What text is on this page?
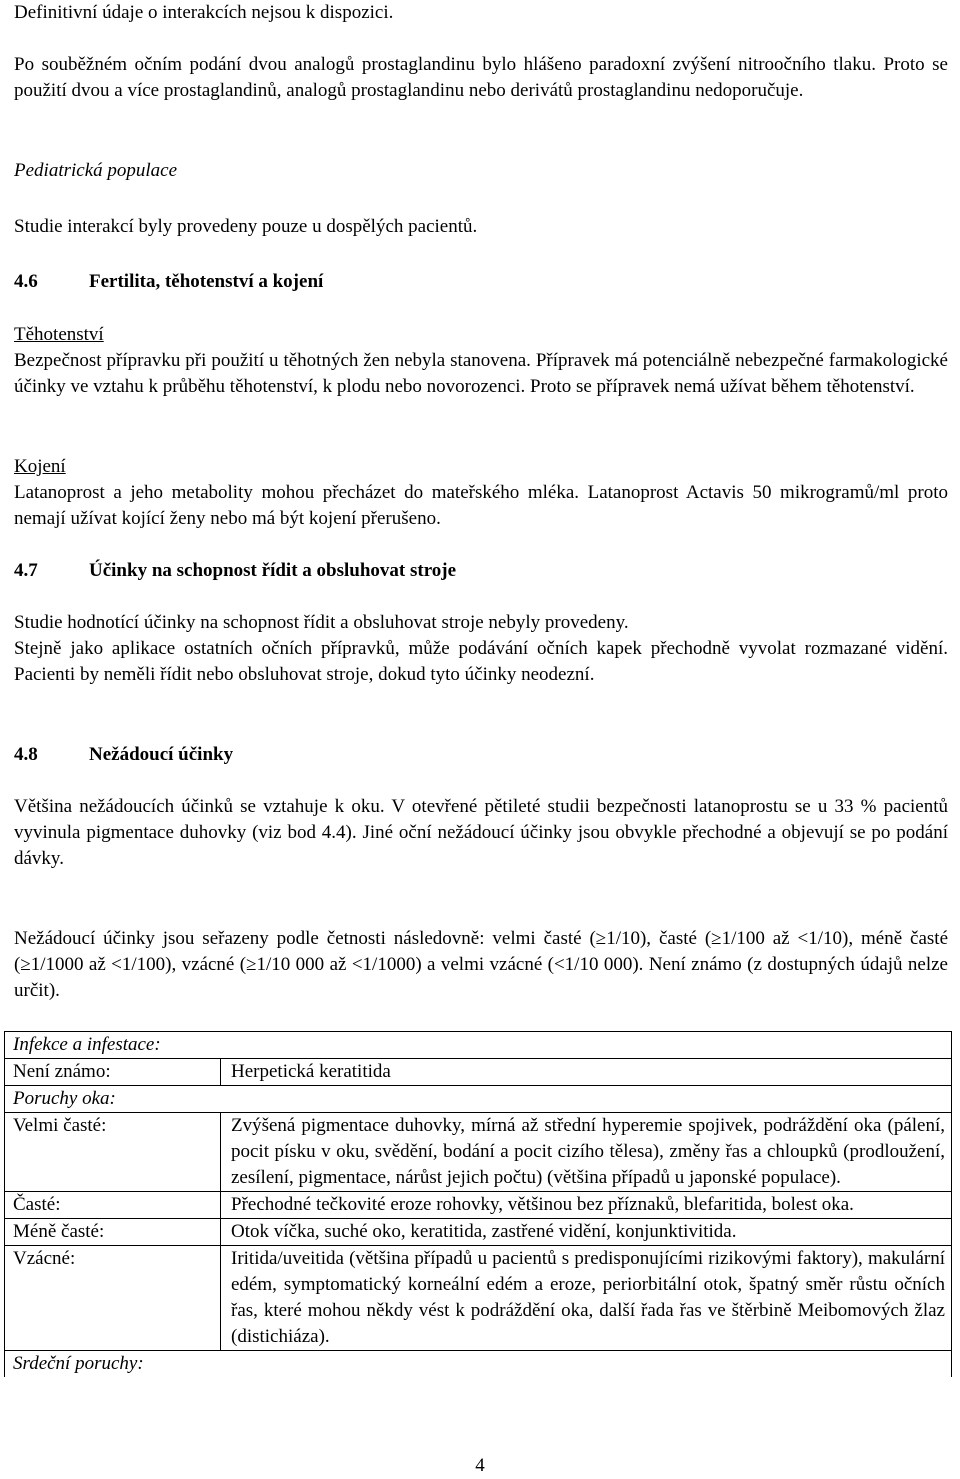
Definitivní údaje o interakcích nejsou k dispozici.

Po souběžném očním podání dvou analogů prostaglandinu bylo hlášeno paradoxní zvýšení nitroočního tlaku. Proto se použití dvou a více prostaglandinů, analogů prostaglandinu nebo derivátů prostaglandinu nedoporučuje.

Pediatrická populace

Studie interakcí byly provedeny pouze u dospělých pacientů.

4.6	Fertilita, těhotenství a kojení

Těhotenství

Bezpečnost přípravku při použití u těhotných žen nebyla stanovena. Přípravek má potenciálně nebezpečné farmakologické účinky ve vztahu k průběhu těhotenství, k plodu nebo novorozenci. Proto se přípravek nemá užívat během těhotenství.

Kojení

Latanoprost a jeho metabolity mohou přecházet do mateřského mléka. Latanoprost Actavis 50 mikrogramů/ml proto nemají užívat kojící ženy nebo má být kojení přerušeno.

4.7	Účinky na schopnost řídit a obsluhovat stroje

Studie hodnotící účinky na schopnost řídit a obsluhovat stroje nebyly provedeny.

Stejně jako aplikace ostatních očních přípravků, může podávání očních kapek přechodně vyvolat rozmazané vidění. Pacienti by neměli řídit nebo obsluhovat stroje, dokud tyto účinky neodezní.

4.8	Nežádoucí účinky

Většina nežádoucích účinků se vztahuje k oku. V otevřené pětileté studii bezpečnosti latanoprostu se u 33 % pacientů vyvinula pigmentace duhovky (viz bod 4.4). Jiné oční nežádoucí účinky jsou obvykle přechodné a objevují se po podání dávky.

Nežádoucí účinky jsou seřazeny podle četnosti následovně: velmi časté (≥1/10), časté (≥1/100 až <1/10), méně časté (≥1/1000 až <1/100), vzácné (≥1/10 000 až <1/1000) a velmi vzácné (<1/10 000). Není známo (z dostupných údajů nelze určit).

Infekce a infestace:	
Není známo:	Herpetická keratitida
Poruchy oka:	
Velmi časté:	Zvýšená pigmentace duhovky, mírná až střední hyperemie spojivek, podráždění oka (pálení, pocit písku v oku, svědění, bodání a pocit cizího tělesa), změny řas a chloupků (prodloužení, zesílení, pigmentace, nárůst jejich počtu) (většina případů u japonské populace).
Časté:	Přechodné tečkovité eroze rohovky, většinou bez příznaků, blefaritida, bolest oka.
Méně časté:	Otok víčka, suché oko, keratitida, zastřené vidění, konjunktivitida.
Vzácné:	Iritida/uveitida (většina případů u pacientů s predisponujícími rizikovými faktory), makulární edém, symptomatický korneální edém a eroze, periorbitální otok, špatný směr růstu očních řas, které mohou někdy vést k podráždění oka, další řada řas ve štěrbině Meibomových žlaz (distichiáza).
Srdeční poruchy:	
4
